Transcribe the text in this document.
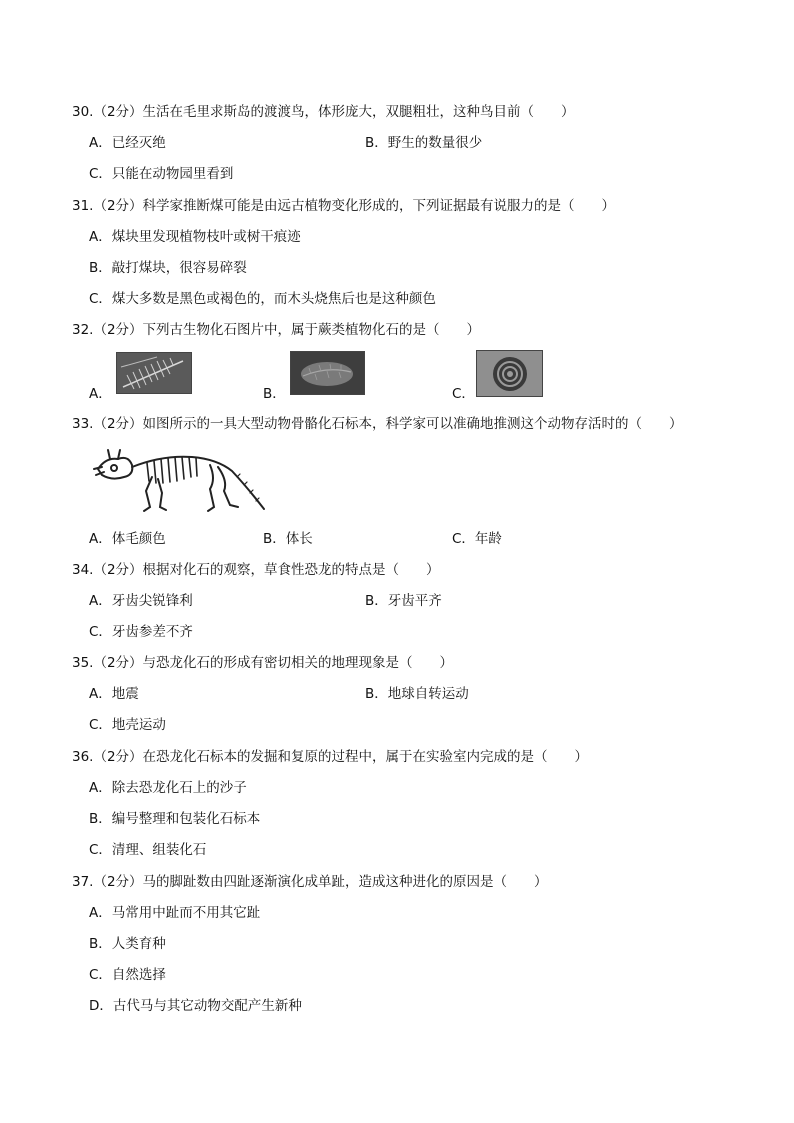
30.（2分）生活在毛里求斯岛的渡渡鸟，体形庞大，双腿粗壮，这种鸟目前（　　）
A．已经灭绝	B．野生的数量很少
C．只能在动物园里看到
31.（2分）科学家推断煤可能是由远古植物变化形成的，下列证据最有说服力的是（　　）
A．煤块里发现植物枝叶或树干痕迹
B．敲打煤块，很容易碎裂
C．煤大多数是黑色或褐色的，而木头烧焦后也是这种颜色
32.（2分）下列古生物化石图片中，属于蕨类植物化石的是（　　）
A．	B．	C．
33.（2分）如图所示的一具大型动物骨骼化石标本，科学家可以准确地推测这个动物存活时的（　　）
A．体毛颜色	B．体长	C．年龄
34.（2分）根据对化石的观察，草食性恐龙的特点是（　　）
A．牙齿尖锐锋利	B．牙齿平齐
C．牙齿参差不齐
35.（2分）与恐龙化石的形成有密切相关的地理现象是（　　）
A．地震	B．地球自转运动
C．地壳运动
36.（2分）在恐龙化石标本的发掘和复原的过程中，属于在实验室内完成的是（　　）
A．除去恐龙化石上的沙子
B．编号整理和包装化石标本
C．清理、组装化石
37.（2分）马的脚趾数由四趾逐渐演化成单趾，造成这种进化的原因是（　　）
A．马常用中趾而不用其它趾
B．人类育种
C．自然选择
D．古代马与其它动物交配产生新种
